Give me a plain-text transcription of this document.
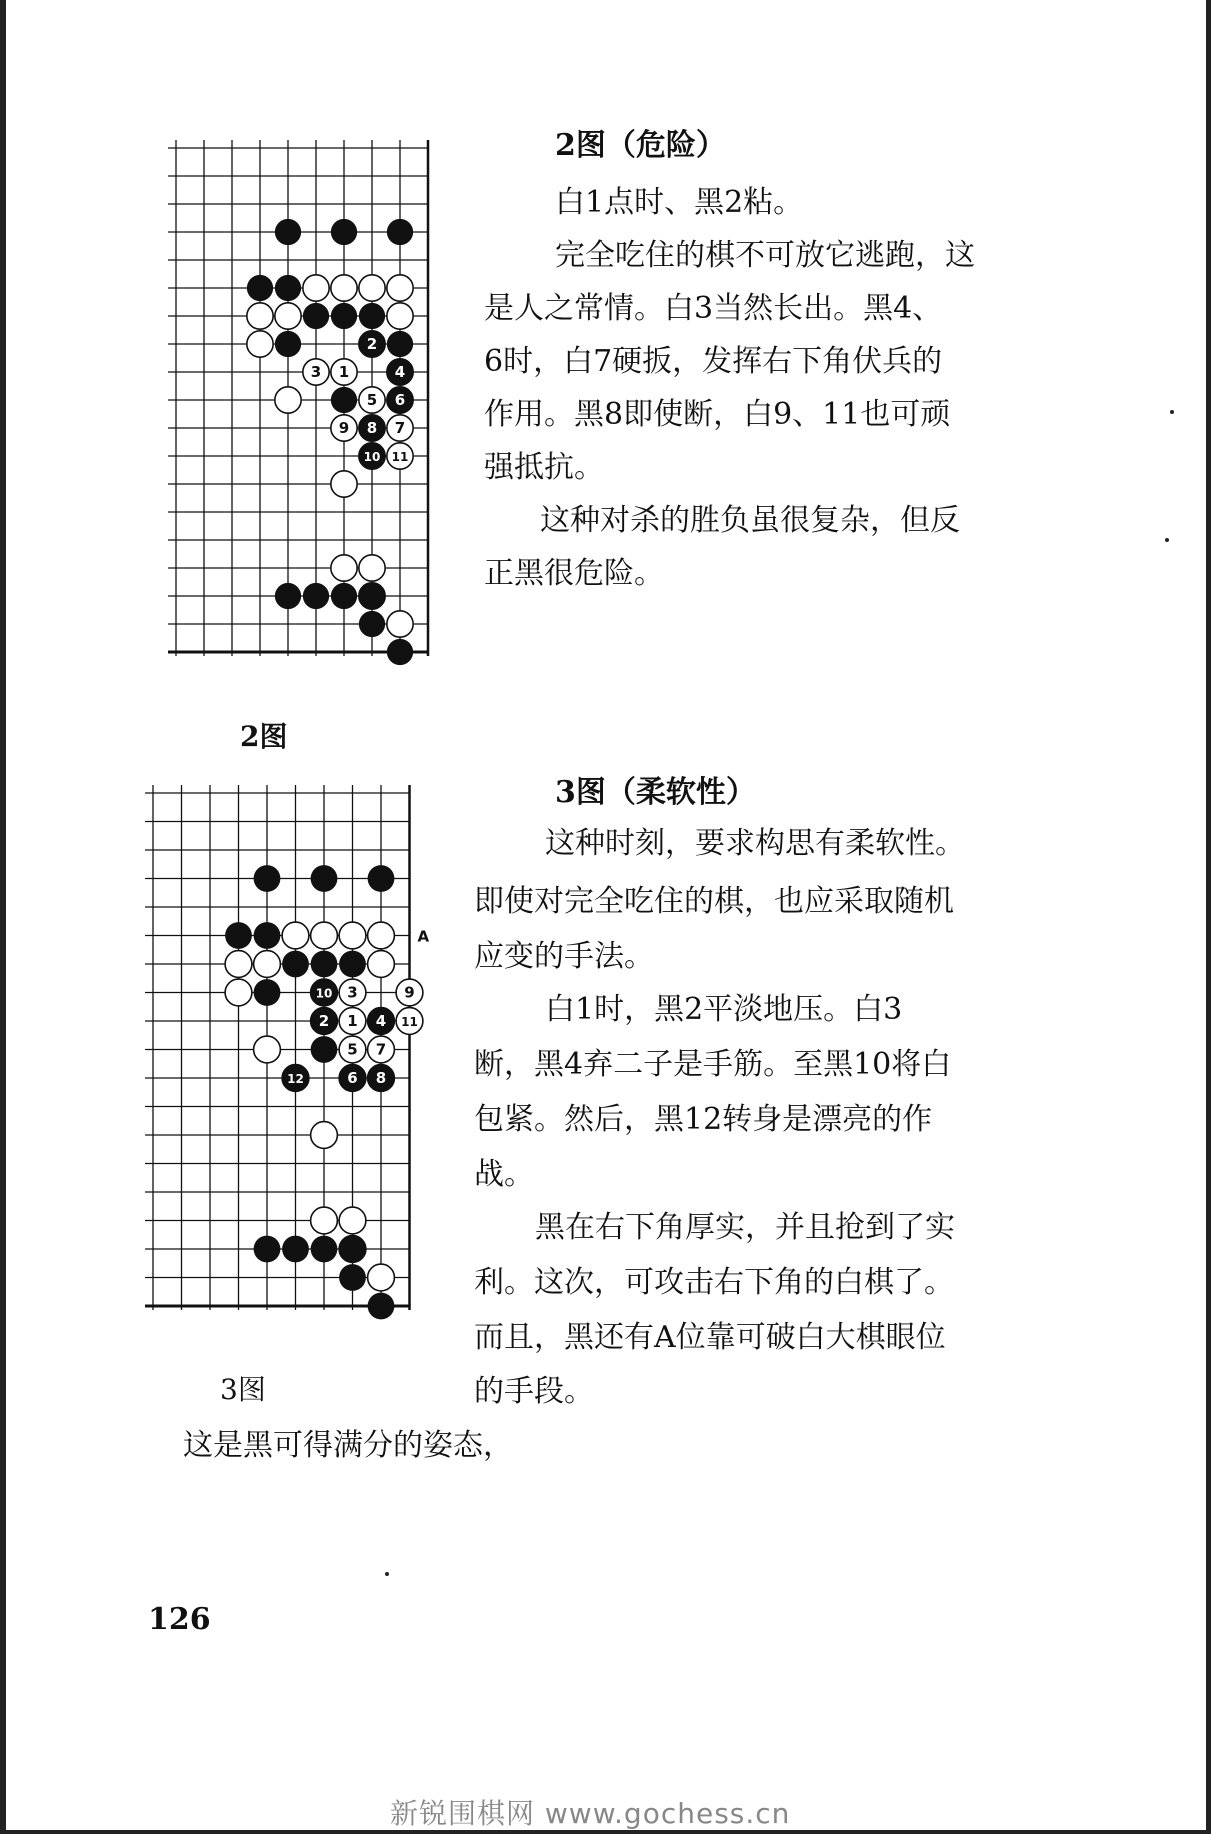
2
1
3	4
5 6
7
8
9
10 11
2图
2图（危险）
白1点时、黑2粘。
完全吃住的棋不可放它逃跑，这
是人之常情。白3当然长出。黑4、
6时，白7硬扳，发挥右下角伏兵的
作用。黑8即使断，白9、11也可顽
强抵抗。
这种对杀的胜负虽很复杂，但反
正黑很危险。
10 3	9
2 1 4 11
5 7
12	6 8
A
3图
3图（柔软性）
这种时刻，要求构思有柔软性。
即使对完全吃住的棋，也应采取随机
应变的手法。
白1时，黑2平淡地压。白3
断，黑4弃二子是手筋。至黑10将白
包紧。然后，黑12转身是漂亮的作
战。
黑在右下角厚实，并且抢到了实
利。这次，可攻击右下角的白棋了。
而且，黑还有A位靠可破白大棋眼位
的手段。
这是黑可得满分的姿态，
126
新锐围棋网 www.gochess.cn
